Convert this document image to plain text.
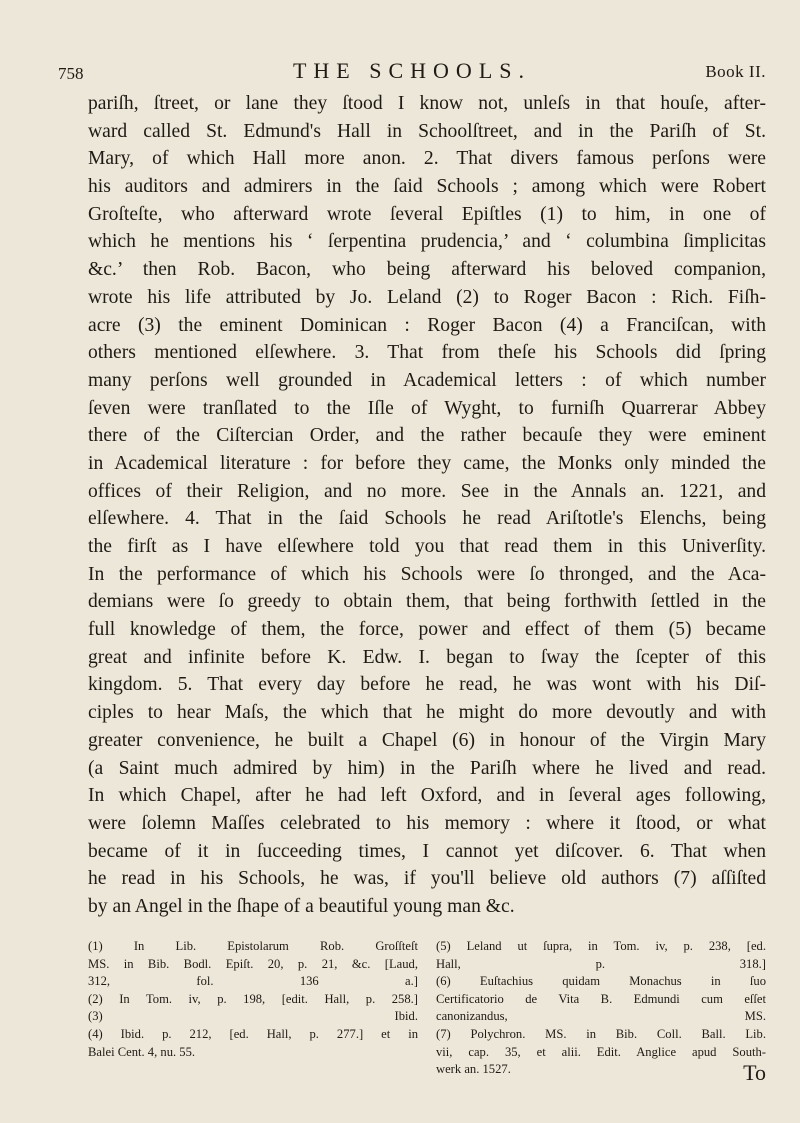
758	THE SCHOOLS.	Book II.
pariſh, ſtreet, or lane they ſtood I know not, unleſs in that houſe, after-
ward called St. Edmund's Hall in Schoolſtreet, and in the Pariſh of St.
Mary, of which Hall more anon. 2. That divers famous perſons were
his auditors and admirers in the ſaid Schools ; among which were Robert
Groſteſte, who afterward wrote ſeveral Epiſtles (1) to him, in one of
which he mentions his ‘ ſerpentina prudencia,’ and ‘ columbina ſimplicitas
&c.’ then Rob. Bacon, who being afterward his beloved companion,
wrote his life attributed by Jo. Leland (2) to Roger Bacon : Rich. Fiſh-
acre (3) the eminent Dominican : Roger Bacon (4) a Franciſcan, with
others mentioned elſewhere. 3. That from theſe his Schools did ſpring
many perſons well grounded in Academical letters : of which number
ſeven were tranſlated to the Iſle of Wyght, to furniſh Quarrerar Abbey
there of the Ciſtercian Order, and the rather becauſe they were eminent
in Academical literature : for before they came, the Monks only minded the
offices of their Religion, and no more. See in the Annals an. 1221, and
elſewhere. 4. That in the ſaid Schools he read Ariſtotle's Elenchs, being
the firſt as I have elſewhere told you that read them in this Univerſity.
In the performance of which his Schools were ſo thronged, and the Aca-
demians were ſo greedy to obtain them, that being forthwith ſettled in the
full knowledge of them, the force, power and effect of them (5) became
great and infinite before K. Edw. I. began to ſway the ſcepter of this
kingdom. 5. That every day before he read, he was wont with his Diſ-
ciples to hear Maſs, the which that he might do more devoutly and with
greater convenience, he built a Chapel (6) in honour of the Virgin Mary
(a Saint much admired by him) in the Pariſh where he lived and read.
In which Chapel, after he had left Oxford, and in ſeveral ages following,
were ſolemn Maſſes celebrated to his memory : where it ſtood, or what
became of it in ſucceeding times, I cannot yet diſcover. 6. That when
he read in his Schools, he was, if you'll believe old authors (7) aſſiſted
by an Angel in the ſhape of a beautiful young man &c.
(1) In Lib. Epistolarum Rob. Groſſteſt
MS. in Bib. Bodl. Epiſt. 20, p. 21, &c. [Laud,
312, fol. 136 a.]
(2) In Tom. iv, p. 198, [edit. Hall, p. 258.]
(3) Ibid.
(4) Ibid. p. 212, [ed. Hall, p. 277.] et in
Balei Cent. 4, nu. 55.
(5) Leland ut ſupra, in Tom. iv, p. 238, [ed.
Hall, p. 318.]
(6) Euſtachius quidam Monachus in ſuo
Certificatorio de Vita B. Edmundi cum eſſet
canonizandus, MS.
(7) Polychron. MS. in Bib. Coll. Ball. Lib.
vii, cap. 35, et alii. Edit. Anglice apud South-
werk an. 1527.	To
